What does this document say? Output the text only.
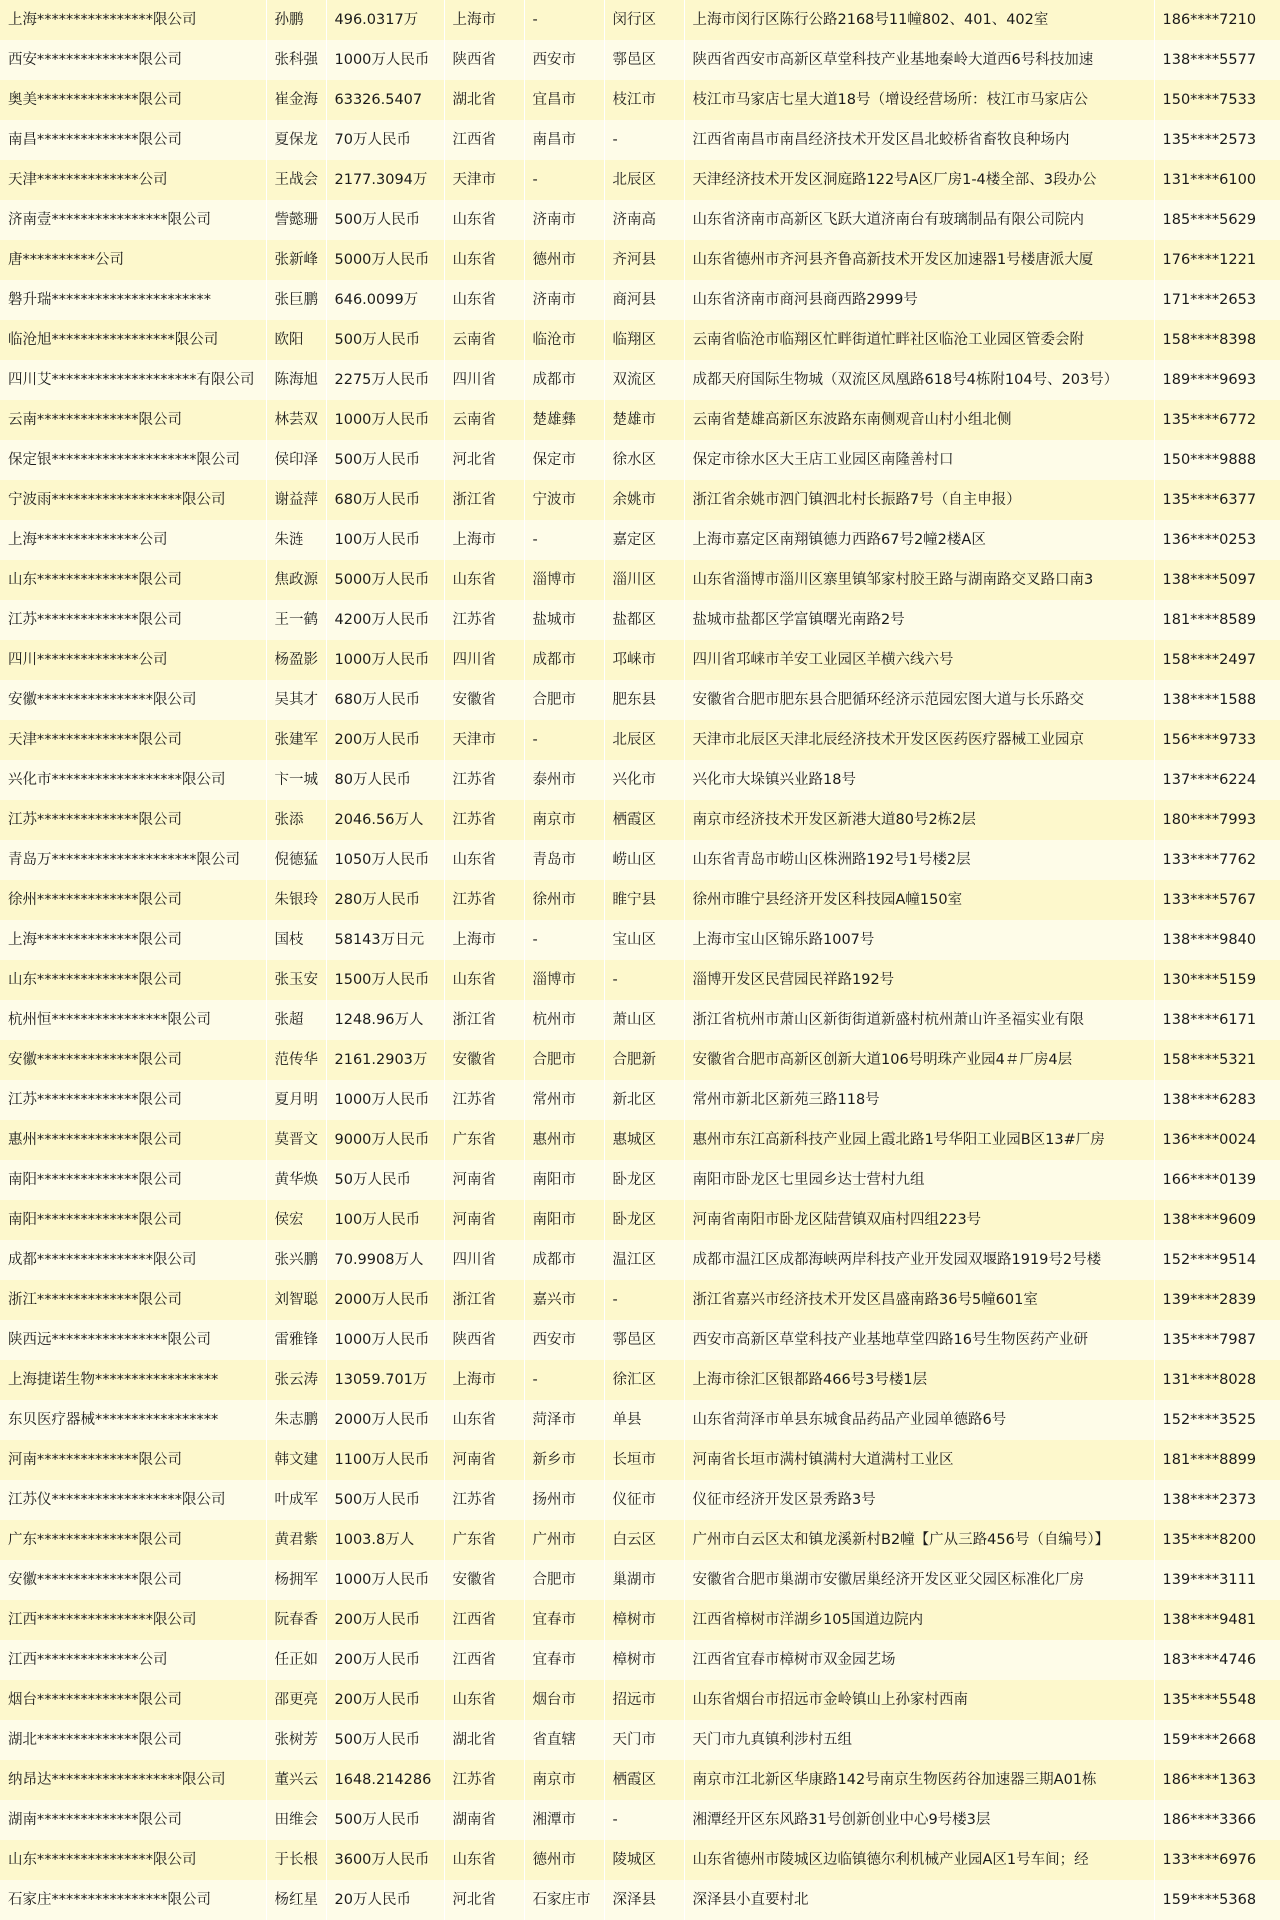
上海****************限公司	孙鹏	496.0317万	上海市	-	闵行区	上海市闵行区陈行公路2168号11幢802、401、402室	186****7210
西安**************限公司	张科强	1000万人民币	陕西省	西安市	鄠邑区	陕西省西安市高新区草堂科技产业基地秦岭大道西6号科技加速	138****5577
奥美**************限公司	崔金海	63326.5407	湖北省	宜昌市	枝江市	枝江市马家店七星大道18号（增设经营场所：枝江市马家店公	150****7533
南昌**************限公司	夏保龙	70万人民币	江西省	南昌市	-	江西省南昌市南昌经济技术开发区昌北蛟桥省畜牧良种场内	135****2573
天津**************公司	王战会	2177.3094万	天津市	-	北辰区	天津经济技术开发区洞庭路122号A区厂房1-4楼全部、3段办公	131****6100
济南壹****************限公司	訾懿珊	500万人民币	山东省	济南市	济南高	山东省济南市高新区飞跃大道济南台有玻璃制品有限公司院内	185****5629
唐**********公司	张新峰	5000万人民币	山东省	德州市	齐河县	山东省德州市齐河县齐鲁高新技术开发区加速器1号楼唐派大厦	176****1221
磐升瑞**********************	张巨鹏	646.0099万	山东省	济南市	商河县	山东省济南市商河县商西路2999号	171****2653
临沧旭*****************限公司	欧阳	500万人民币	云南省	临沧市	临翔区	云南省临沧市临翔区忙畔街道忙畔社区临沧工业园区管委会附	158****8398
四川艾********************有限公司	陈海旭	2275万人民币	四川省	成都市	双流区	成都天府国际生物城（双流区凤凰路618号4栋附104号、203号）	189****9693
云南**************限公司	林芸双	1000万人民币	云南省	楚雄彝	楚雄市	云南省楚雄高新区东波路东南侧观音山村小组北侧	135****6772
保定银********************限公司	侯印泽	500万人民币	河北省	保定市	徐水区	保定市徐水区大王店工业园区南隆善村口	150****9888
宁波雨******************限公司	谢益萍	680万人民币	浙江省	宁波市	余姚市	浙江省余姚市泗门镇泗北村长振路7号（自主申报）	135****6377
上海**************公司	朱涟	100万人民币	上海市	-	嘉定区	上海市嘉定区南翔镇德力西路67号2幢2楼A区	136****0253
山东**************限公司	焦政源	5000万人民币	山东省	淄博市	淄川区	山东省淄博市淄川区寨里镇邹家村胶王路与湖南路交叉路口南3	138****5097
江苏**************限公司	王一鹤	4200万人民币	江苏省	盐城市	盐都区	盐城市盐都区学富镇曙光南路2号	181****8589
四川**************公司	杨盈影	1000万人民币	四川省	成都市	邛崃市	四川省邛崃市羊安工业园区羊横六线六号	158****2497
安徽****************限公司	吴其才	680万人民币	安徽省	合肥市	肥东县	安徽省合肥市肥东县合肥循环经济示范园宏图大道与长乐路交	138****1588
天津**************限公司	张建军	200万人民币	天津市	-	北辰区	天津市北辰区天津北辰经济技术开发区医药医疗器械工业园京	156****9733
兴化市******************限公司	卞一城	80万人民币	江苏省	泰州市	兴化市	兴化市大垛镇兴业路18号	137****6224
江苏**************限公司	张添	2046.56万人	江苏省	南京市	栖霞区	南京市经济技术开发区新港大道80号2栋2层	180****7993
青岛万********************限公司	倪德猛	1050万人民币	山东省	青岛市	崂山区	山东省青岛市崂山区株洲路192号1号楼2层	133****7762
徐州**************限公司	朱银玲	280万人民币	江苏省	徐州市	睢宁县	徐州市睢宁县经济开发区科技园A幢150室	133****5767
上海**************限公司	国枝	58143万日元	上海市	-	宝山区	上海市宝山区锦乐路1007号	138****9840
山东**************限公司	张玉安	1500万人民币	山东省	淄博市	-	淄博开发区民营园民祥路192号	130****5159
杭州恒****************限公司	张超	1248.96万人	浙江省	杭州市	萧山区	浙江省杭州市萧山区新街街道新盛村杭州萧山许圣福实业有限	138****6171
安徽**************限公司	范传华	2161.2903万	安徽省	合肥市	合肥新	安徽省合肥市高新区创新大道106号明珠产业园4＃厂房4层	158****5321
江苏**************限公司	夏月明	1000万人民币	江苏省	常州市	新北区	常州市新北区新苑三路118号	138****6283
惠州**************限公司	莫晋文	9000万人民币	广东省	惠州市	惠城区	惠州市东江高新科技产业园上霞北路1号华阳工业园B区13#厂房	136****0024
南阳**************限公司	黄华焕	50万人民币	河南省	南阳市	卧龙区	南阳市卧龙区七里园乡达士营村九组	166****0139
南阳**************限公司	侯宏	100万人民币	河南省	南阳市	卧龙区	河南省南阳市卧龙区陆营镇双庙村四组223号	138****9609
成都****************限公司	张兴鹏	70.9908万人	四川省	成都市	温江区	成都市温江区成都海峡两岸科技产业开发园双堰路1919号2号楼	152****9514
浙江**************限公司	刘智聪	2000万人民币	浙江省	嘉兴市	-	浙江省嘉兴市经济技术开发区昌盛南路36号5幢601室	139****2839
陕西远****************限公司	雷雅锋	1000万人民币	陕西省	西安市	鄠邑区	西安市高新区草堂科技产业基地草堂四路16号生物医药产业研	135****7987
上海捷诺生物*****************	张云涛	13059.701万	上海市	-	徐汇区	上海市徐汇区银都路466号3号楼1层	131****8028
东贝医疗器械*****************	朱志鹏	2000万人民币	山东省	菏泽市	单县	山东省菏泽市单县东城食品药品产业园单德路6号	152****3525
河南**************限公司	韩文建	1100万人民币	河南省	新乡市	长垣市	河南省长垣市满村镇满村大道满村工业区	181****8899
江苏仪******************限公司	叶成军	500万人民币	江苏省	扬州市	仪征市	仪征市经济开发区景秀路3号	138****2373
广东**************限公司	黄君紫	1003.8万人	广东省	广州市	白云区	广州市白云区太和镇龙溪新村B2幢【广从三路456号（自编号）】	135****8200
安徽**************限公司	杨拥军	1000万人民币	安徽省	合肥市	巢湖市	安徽省合肥市巢湖市安徽居巢经济开发区亚父园区标准化厂房	139****3111
江西****************限公司	阮春香	200万人民币	江西省	宜春市	樟树市	江西省樟树市洋湖乡105国道边院内	138****9481
江西**************公司	任正如	200万人民币	江西省	宜春市	樟树市	江西省宜春市樟树市双金园艺场	183****4746
烟台**************限公司	邵更亮	200万人民币	山东省	烟台市	招远市	山东省烟台市招远市金岭镇山上孙家村西南	135****5548
湖北**************限公司	张树芳	500万人民币	湖北省	省直辖	天门市	天门市九真镇利涉村五组	159****2668
纳昂达******************限公司	董兴云	1648.214286	江苏省	南京市	栖霞区	南京市江北新区华康路142号南京生物医药谷加速器三期A01栋	186****1363
湖南**************限公司	田维会	500万人民币	湖南省	湘潭市	-	湘潭经开区东风路31号创新创业中心9号楼3层	186****3366
山东****************限公司	于长根	3600万人民币	山东省	德州市	陵城区	山东省德州市陵城区边临镇德尔利机械产业园A区1号车间；经	133****6976
石家庄****************限公司	杨红星	20万人民币	河北省	石家庄市	深泽县	深泽县小直要村北	159****5368
